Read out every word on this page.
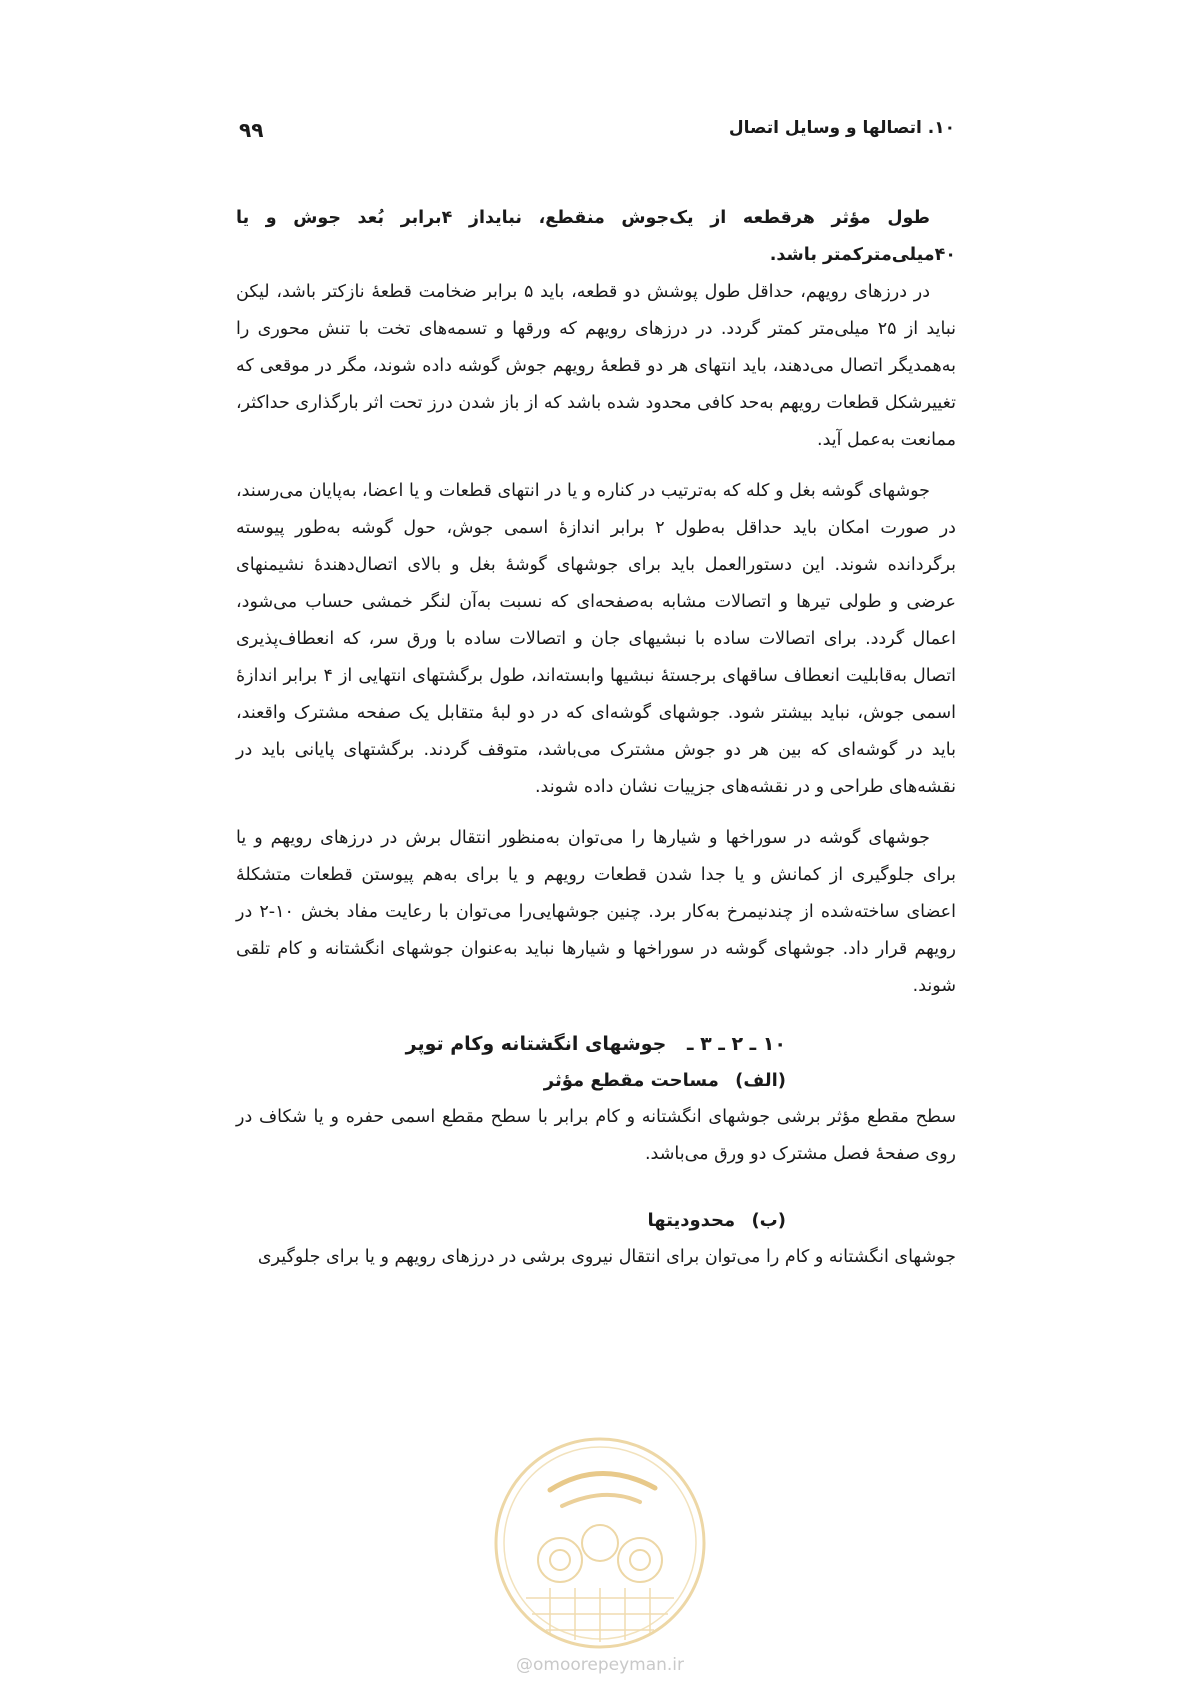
۱۰. اتصالها و وسایل اتصال
۹۹

طول مؤثر هرقطعه از یک‌جوش منقطع، نبایداز ۴برابر بُعد جوش و یا ۴۰میلی‌مترکمتر باشد.

در درزهای رویهم، حداقل طول پوشش دو قطعه، باید ۵ برابر ضخامت قطعهٔ نازکتر باشد، لیکن نباید از ۲۵ میلی‌متر کمتر گردد. در درزهای رویهم که ورقها و تسمه‌های تخت با تنش محوری را به‌همدیگر اتصال می‌دهند، باید انتهای هر دو قطعهٔ رویهم جوش گوشه داده شوند، مگر در موقعی که تغییرشکل قطعات رویهم به‌حد کافی محدود شده باشد که از باز شدن درز تحت اثر بارگذاری حداکثر، ممانعت به‌عمل آید.

جوشهای گوشه بغل و کله که به‌ترتیب در کناره و یا در انتهای قطعات و یا اعضا، به‌پایان می‌رسند، در صورت امکان باید حداقل به‌طول ۲ برابر اندازهٔ اسمی جوش، حول گوشه به‌طور پیوسته برگردانده شوند. این دستورالعمل باید برای جوشهای گوشهٔ بغل و بالای اتصال‌دهندهٔ نشیمنهای عرضی و طولی تیرها و اتصالات مشابه به‌صفحه‌ای که نسبت به‌آن لنگر خمشی حساب می‌شود، اعمال گردد. برای اتصالات ساده با نبشیهای جان و اتصالات ساده با ورق سر، که انعطاف‌پذیری اتصال به‌قابلیت انعطاف ساقهای برجستهٔ نبشیها وابسته‌اند، طول برگشتهای انتهایی از ۴ برابر اندازهٔ اسمی جوش، نباید بیشتر شود. جوشهای گوشه‌ای که در دو لبهٔ متقابل یک صفحه مشترک واقعند، باید در گوشه‌ای که بین هر دو جوش مشترک می‌باشد، متوقف گردند. برگشتهای پایانی باید در نقشه‌های طراحی و در نقشه‌های جزییات نشان داده شوند.

جوشهای گوشه در سوراخها و شیارها را می‌توان به‌منظور انتقال برش در درزهای رویهم و یا برای جلوگیری از کمانش و یا جدا شدن قطعات رویهم و یا برای به‌هم پیوستن قطعات متشکلهٔ اعضای ساخته‌شده از چندنیمرخ به‌کار برد. چنین جوشهایی‌را می‌توان با رعایت مفاد بخش ۱۰-۲ در رویهم قرار داد. جوشهای گوشه در سوراخها و شیارها نباید به‌عنوان جوشهای انگشتانه و کام تلقی شوند.

۱۰ ـ ۲ ـ ۳ ـ جوشهای انگشتانه وکام توپر
(الف) مساحت مقطع مؤثر

سطح مقطع مؤثر برشی جوشهای انگشتانه و کام برابر با سطح مقطع اسمی حفره و یا شکاف در روی صفحهٔ فصل مشترک دو ورق می‌باشد.

(ب) محدودیتها

جوشهای انگشتانه و کام را می‌توان برای انتقال نیروی برشی در درزهای رویهم و یا برای جلوگیری

@omoorepeyman.ir
